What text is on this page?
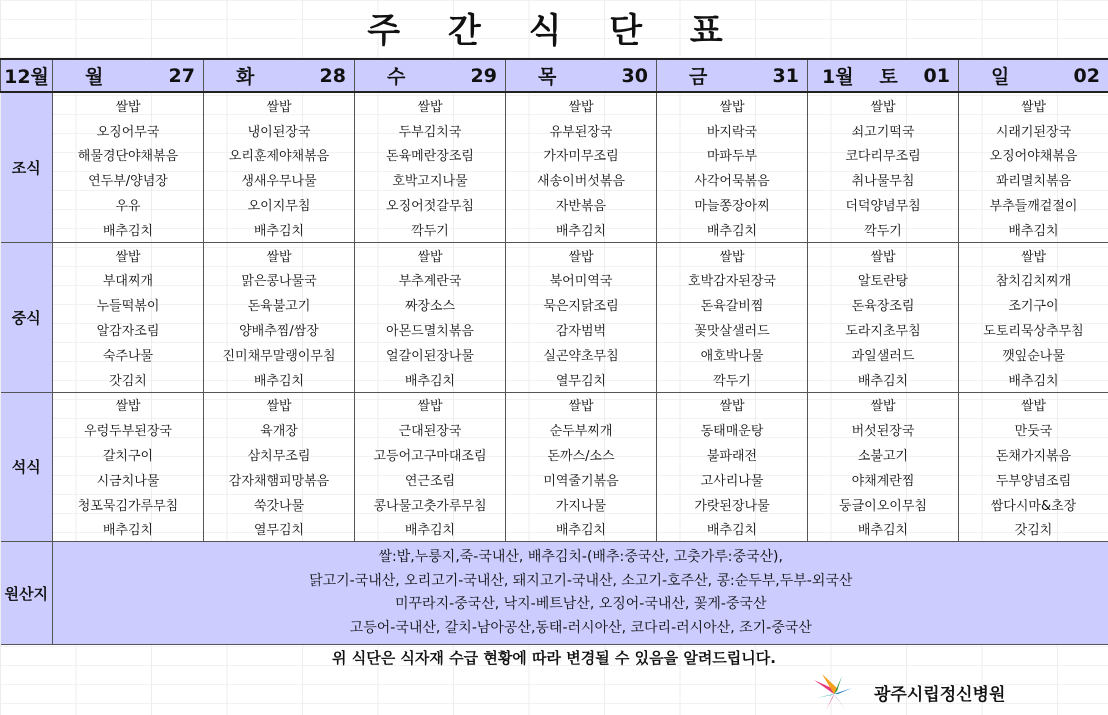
주 간 식 단 표
12월	월 27	화 28	수 29	목 30	금 31	1월 토 01	일 02

조식	쌀밥	쌀밥	쌀밥	쌀밥	쌀밥	쌀밥	쌀밥
	오징어무국	냉이된장국	두부김치국	유부된장국	바지락국	쇠고기떡국	시래기된장국
	해물경단야채볶음	오리훈제야채볶음	돈육메란장조림	가자미무조림	마파두부	코다리무조림	오징어야채볶음
	연두부/양념장	생새우무나물	호박고지나물	새송이버섯볶음	사각어묵볶음	취나물무침	꽈리멸치볶음
	우유	오이지무침	오징어젓갈무침	자반볶음	마늘쫑장아찌	더덕양념무침	부추들깨겉절이
	배추김치	배추김치	깍두기	배추김치	배추김치	깍두기	배추김치
중식	쌀밥	쌀밥	쌀밥	쌀밥	쌀밥	쌀밥	쌀밥
	부대찌개	맑은콩나물국	부추계란국	북어미역국	호박감자된장국	알토란탕	참치김치찌개
	누들떡볶이	돈육불고기	짜장소스	묵은지닭조림	돈육갈비찜	돈육장조림	조기구이
	알감자조림	양배추찜/쌈장	아몬드멸치볶음	감자범벅	꽃맛살샐러드	도라지초무침	도토리묵상추무침
	숙주나물	진미채무말랭이무침	얼갈이된장나물	실곤약초무침	애호박나물	과일샐러드	깻잎순나물
	갓김치	배추김치	배추김치	열무김치	깍두기	배추김치	배추김치
석식	쌀밥	쌀밥	쌀밥	쌀밥	쌀밥	쌀밥	쌀밥
	우렁두부된장국	육개장	근대된장국	순두부찌개	동태매운탕	버섯된장국	만둣국
	갈치구이	삼치무조림	고등어고구마대조림	돈까스/소스	불파래전	소불고기	돈채가지볶음
	시금치나물	감자채햄피망볶음	연근조림	미역줄기볶음	고사리나물	야채계란찜	두부양념조림
	청포묵김가루무침	쑥갓나물	콩나물고춧가루무침	가지나물	가랏된장나물	둥글이오이무침	쌈다시마&초장
	배추김치	열무김치	배추김치	배추김치	배추김치	배추김치	갓김치
원산지	쌀:밥,누룽지,죽-국내산, 배추김치-(배추:중국산, 고춧가루:중국산),
닭고기-국내산, 오리고기-국내산, 돼지고기-국내산, 소고기-호주산, 콩:순두부,두부-외국산
미꾸라지-중국산, 낙지-베트남산, 오징어-국내산, 꽃게-중국산
고등어-국내산, 갈치-남아공산,동태-러시아산, 코다리-러시아산, 조기-중국산						
위 식단은 식자재 수급 현황에 따라 변경될 수 있음을 알려드립니다.
광주시립정신병원
